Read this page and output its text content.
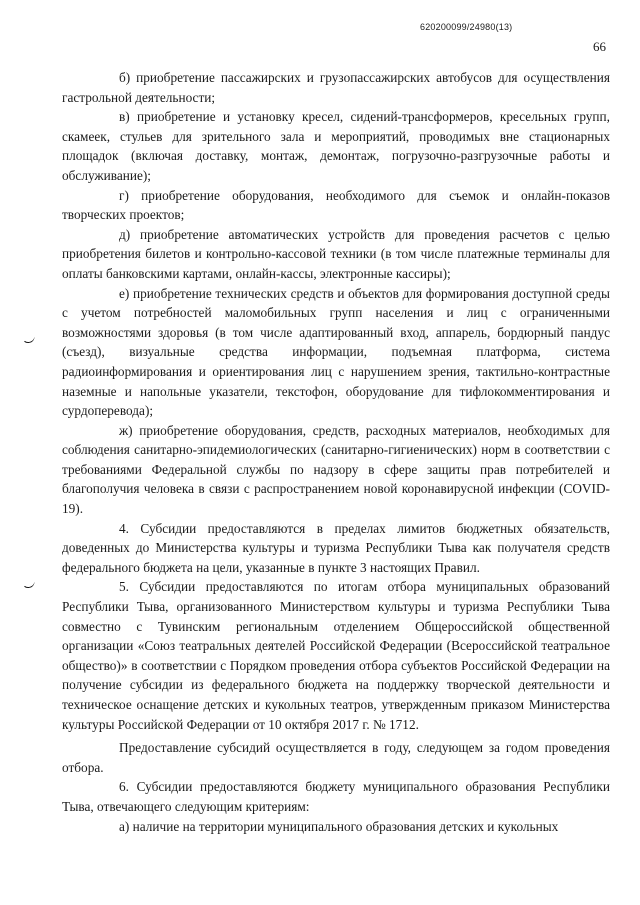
620200099/24980(13)
66

б) приобретение пассажирских и грузопассажирских автобусов для осуществления гастрольной деятельности;

в) приобретение и установку кресел, сидений-трансформеров, кресельных групп, скамеек, стульев для зрительного зала и мероприятий, проводимых вне стационарных площадок (включая доставку, монтаж, демонтаж, погрузочно-разгрузочные работы и обслуживание);

г) приобретение оборудования, необходимого для съемок и онлайн-показов творческих проектов;

д) приобретение автоматических устройств для проведения расчетов с целью приобретения билетов и контрольно-кассовой техники (в том числе платежные терминалы для оплаты банковскими картами, онлайн-кассы, электронные кассиры);

е) приобретение технических средств и объектов для формирования доступной среды с учетом потребностей маломобильных групп населения и лиц с ограниченными возможностями здоровья (в том числе адаптированный вход, аппарель, бордюрный пандус (съезд), визуальные средства информации, подъемная платформа, система радиоинформирования и ориентирования лиц с нарушением зрения, тактильно-контрастные наземные и напольные указатели, текстофон, оборудование для тифлокомментирования и сурдоперевода);

ж) приобретение оборудования, средств, расходных материалов, необходимых для соблюдения санитарно-эпидемиологических (санитарно-гигиенических) норм в соответствии с требованиями Федеральной службы по надзору в сфере защиты прав потребителей и благополучия человека в связи с распространением новой коронавирусной инфекции (COVID-19).

4. Субсидии предоставляются в пределах лимитов бюджетных обязательств, доведенных до Министерства культуры и туризма Республики Тыва как получателя средств федерального бюджета на цели, указанные в пункте 3 настоящих Правил.

5. Субсидии предоставляются по итогам отбора муниципальных образований Республики Тыва, организованного Министерством культуры и туризма Республики Тыва совместно с Тувинским региональным отделением Общероссийской общественной организации «Союз театральных деятелей Российской Федерации (Всероссийской театральное общество)» в соответствии с Порядком проведения отбора субъектов Российской Федерации на получение субсидии из федерального бюджета на поддержку творческой деятельности и техническое оснащение детских и кукольных театров, утвержденным приказом Министерства культуры Российской Федерации от 10 октября 2017 г. № 1712.

Предоставление субсидий осуществляется в году, следующем за годом проведения отбора.

6. Субсидии предоставляются бюджету муниципального образования Республики Тыва, отвечающего следующим критериям:

а) наличие на территории муниципального образования детских и кукольных
